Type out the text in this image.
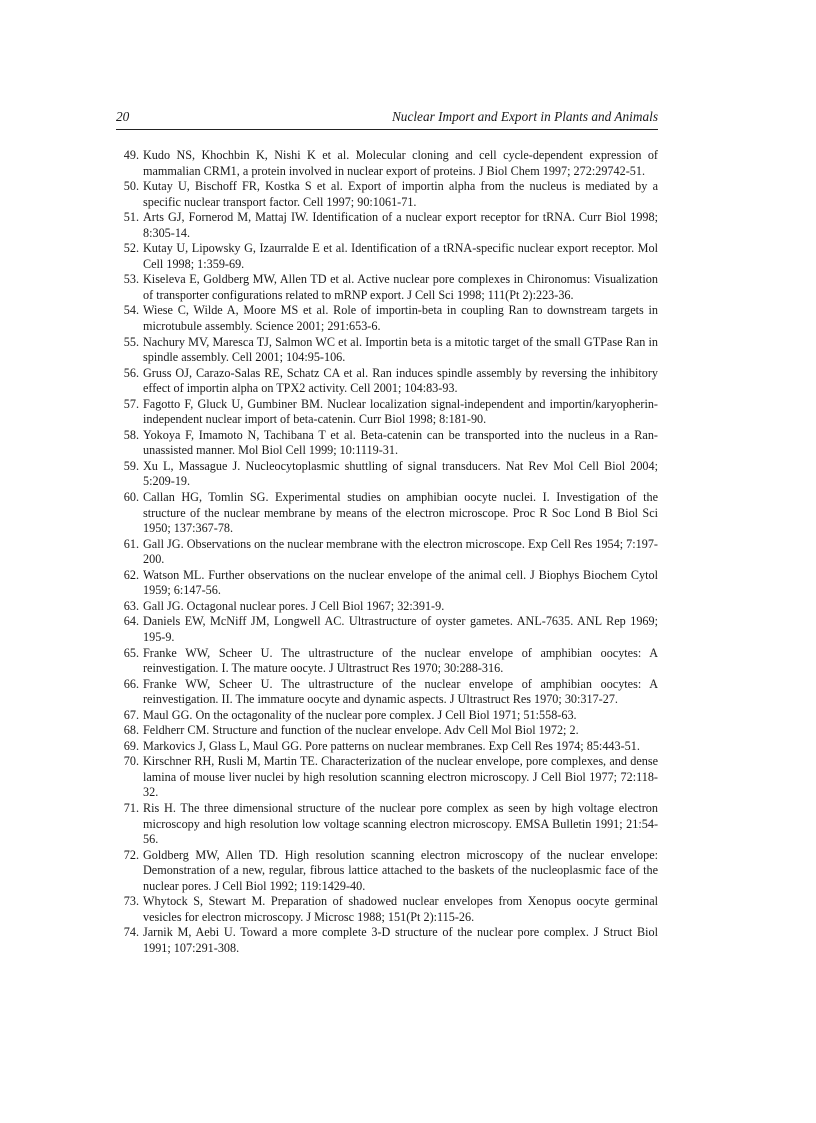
20	Nuclear Import and Export in Plants and Animals
49. Kudo NS, Khochbin K, Nishi K et al. Molecular cloning and cell cycle-dependent expression of mammalian CRM1, a protein involved in nuclear export of proteins. J Biol Chem 1997; 272:29742-51.
50. Kutay U, Bischoff FR, Kostka S et al. Export of importin alpha from the nucleus is mediated by a specific nuclear transport factor. Cell 1997; 90:1061-71.
51. Arts GJ, Fornerod M, Mattaj IW. Identification of a nuclear export receptor for tRNA. Curr Biol 1998; 8:305-14.
52. Kutay U, Lipowsky G, Izaurralde E et al. Identification of a tRNA-specific nuclear export receptor. Mol Cell 1998; 1:359-69.
53. Kiseleva E, Goldberg MW, Allen TD et al. Active nuclear pore complexes in Chironomus: Visualization of transporter configurations related to mRNP export. J Cell Sci 1998; 111(Pt 2):223-36.
54. Wiese C, Wilde A, Moore MS et al. Role of importin-beta in coupling Ran to downstream targets in microtubule assembly. Science 2001; 291:653-6.
55. Nachury MV, Maresca TJ, Salmon WC et al. Importin beta is a mitotic target of the small GTPase Ran in spindle assembly. Cell 2001; 104:95-106.
56. Gruss OJ, Carazo-Salas RE, Schatz CA et al. Ran induces spindle assembly by reversing the inhibitory effect of importin alpha on TPX2 activity. Cell 2001; 104:83-93.
57. Fagotto F, Gluck U, Gumbiner BM. Nuclear localization signal-independent and importin/karyopherin-independent nuclear import of beta-catenin. Curr Biol 1998; 8:181-90.
58. Yokoya F, Imamoto N, Tachibana T et al. Beta-catenin can be transported into the nucleus in a Ran-unassisted manner. Mol Biol Cell 1999; 10:1119-31.
59. Xu L, Massague J. Nucleocytoplasmic shuttling of signal transducers. Nat Rev Mol Cell Biol 2004; 5:209-19.
60. Callan HG, Tomlin SG. Experimental studies on amphibian oocyte nuclei. I. Investigation of the structure of the nuclear membrane by means of the electron microscope. Proc R Soc Lond B Biol Sci 1950; 137:367-78.
61. Gall JG. Observations on the nuclear membrane with the electron microscope. Exp Cell Res 1954; 7:197-200.
62. Watson ML. Further observations on the nuclear envelope of the animal cell. J Biophys Biochem Cytol 1959; 6:147-56.
63. Gall JG. Octagonal nuclear pores. J Cell Biol 1967; 32:391-9.
64. Daniels EW, McNiff JM, Longwell AC. Ultrastructure of oyster gametes. ANL-7635. ANL Rep 1969; 195-9.
65. Franke WW, Scheer U. The ultrastructure of the nuclear envelope of amphibian oocytes: A reinvestigation. I. The mature oocyte. J Ultrastruct Res 1970; 30:288-316.
66. Franke WW, Scheer U. The ultrastructure of the nuclear envelope of amphibian oocytes: A reinvestigation. II. The immature oocyte and dynamic aspects. J Ultrastruct Res 1970; 30:317-27.
67. Maul GG. On the octagonality of the nuclear pore complex. J Cell Biol 1971; 51:558-63.
68. Feldherr CM. Structure and function of the nuclear envelope. Adv Cell Mol Biol 1972; 2.
69. Markovics J, Glass L, Maul GG. Pore patterns on nuclear membranes. Exp Cell Res 1974; 85:443-51.
70. Kirschner RH, Rusli M, Martin TE. Characterization of the nuclear envelope, pore complexes, and dense lamina of mouse liver nuclei by high resolution scanning electron microscopy. J Cell Biol 1977; 72:118-32.
71. Ris H. The three dimensional structure of the nuclear pore complex as seen by high voltage electron microscopy and high resolution low voltage scanning electron microscopy. EMSA Bulletin 1991; 21:54-56.
72. Goldberg MW, Allen TD. High resolution scanning electron microscopy of the nuclear envelope: Demonstration of a new, regular, fibrous lattice attached to the baskets of the nucleoplasmic face of the nuclear pores. J Cell Biol 1992; 119:1429-40.
73. Whytock S, Stewart M. Preparation of shadowed nuclear envelopes from Xenopus oocyte germinal vesicles for electron microscopy. J Microsc 1988; 151(Pt 2):115-26.
74. Jarnik M, Aebi U. Toward a more complete 3-D structure of the nuclear pore complex. J Struct Biol 1991; 107:291-308.
